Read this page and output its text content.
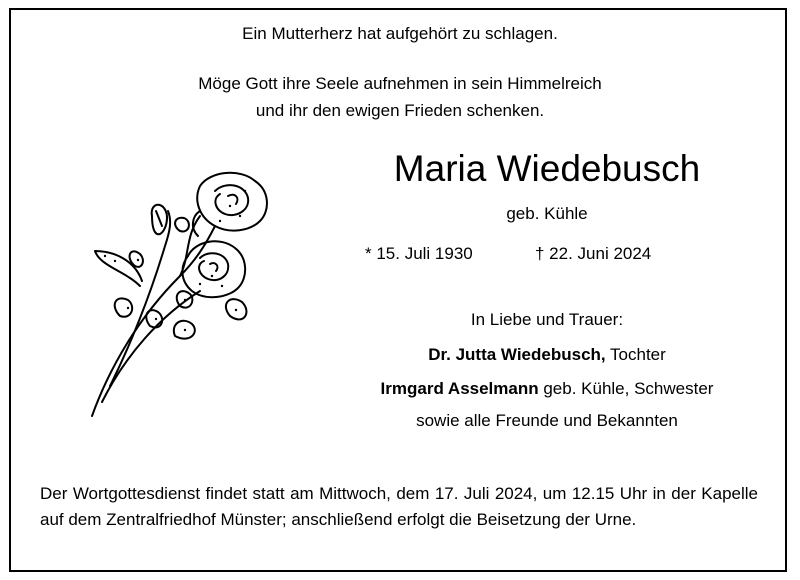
Ein Mutterherz hat aufgehört zu schlagen.
Möge Gott ihre Seele aufnehmen in sein Himmelreich
und ihr den ewigen Frieden schenken.
Maria Wiedebusch
geb. Kühle
* 15. Juli 1930	† 22. Juni 2024
In Liebe und Trauer:
Dr. Jutta Wiedebusch, Tochter
Irmgard Asselmann geb. Kühle, Schwester
sowie alle Freunde und Bekannten
Der Wortgottesdienst findet statt am Mittwoch, dem 17. Juli 2024, um 12.15 Uhr in der Kapelle auf dem Zentralfriedhof Münster; anschließend erfolgt die Beisetzung der Urne.
